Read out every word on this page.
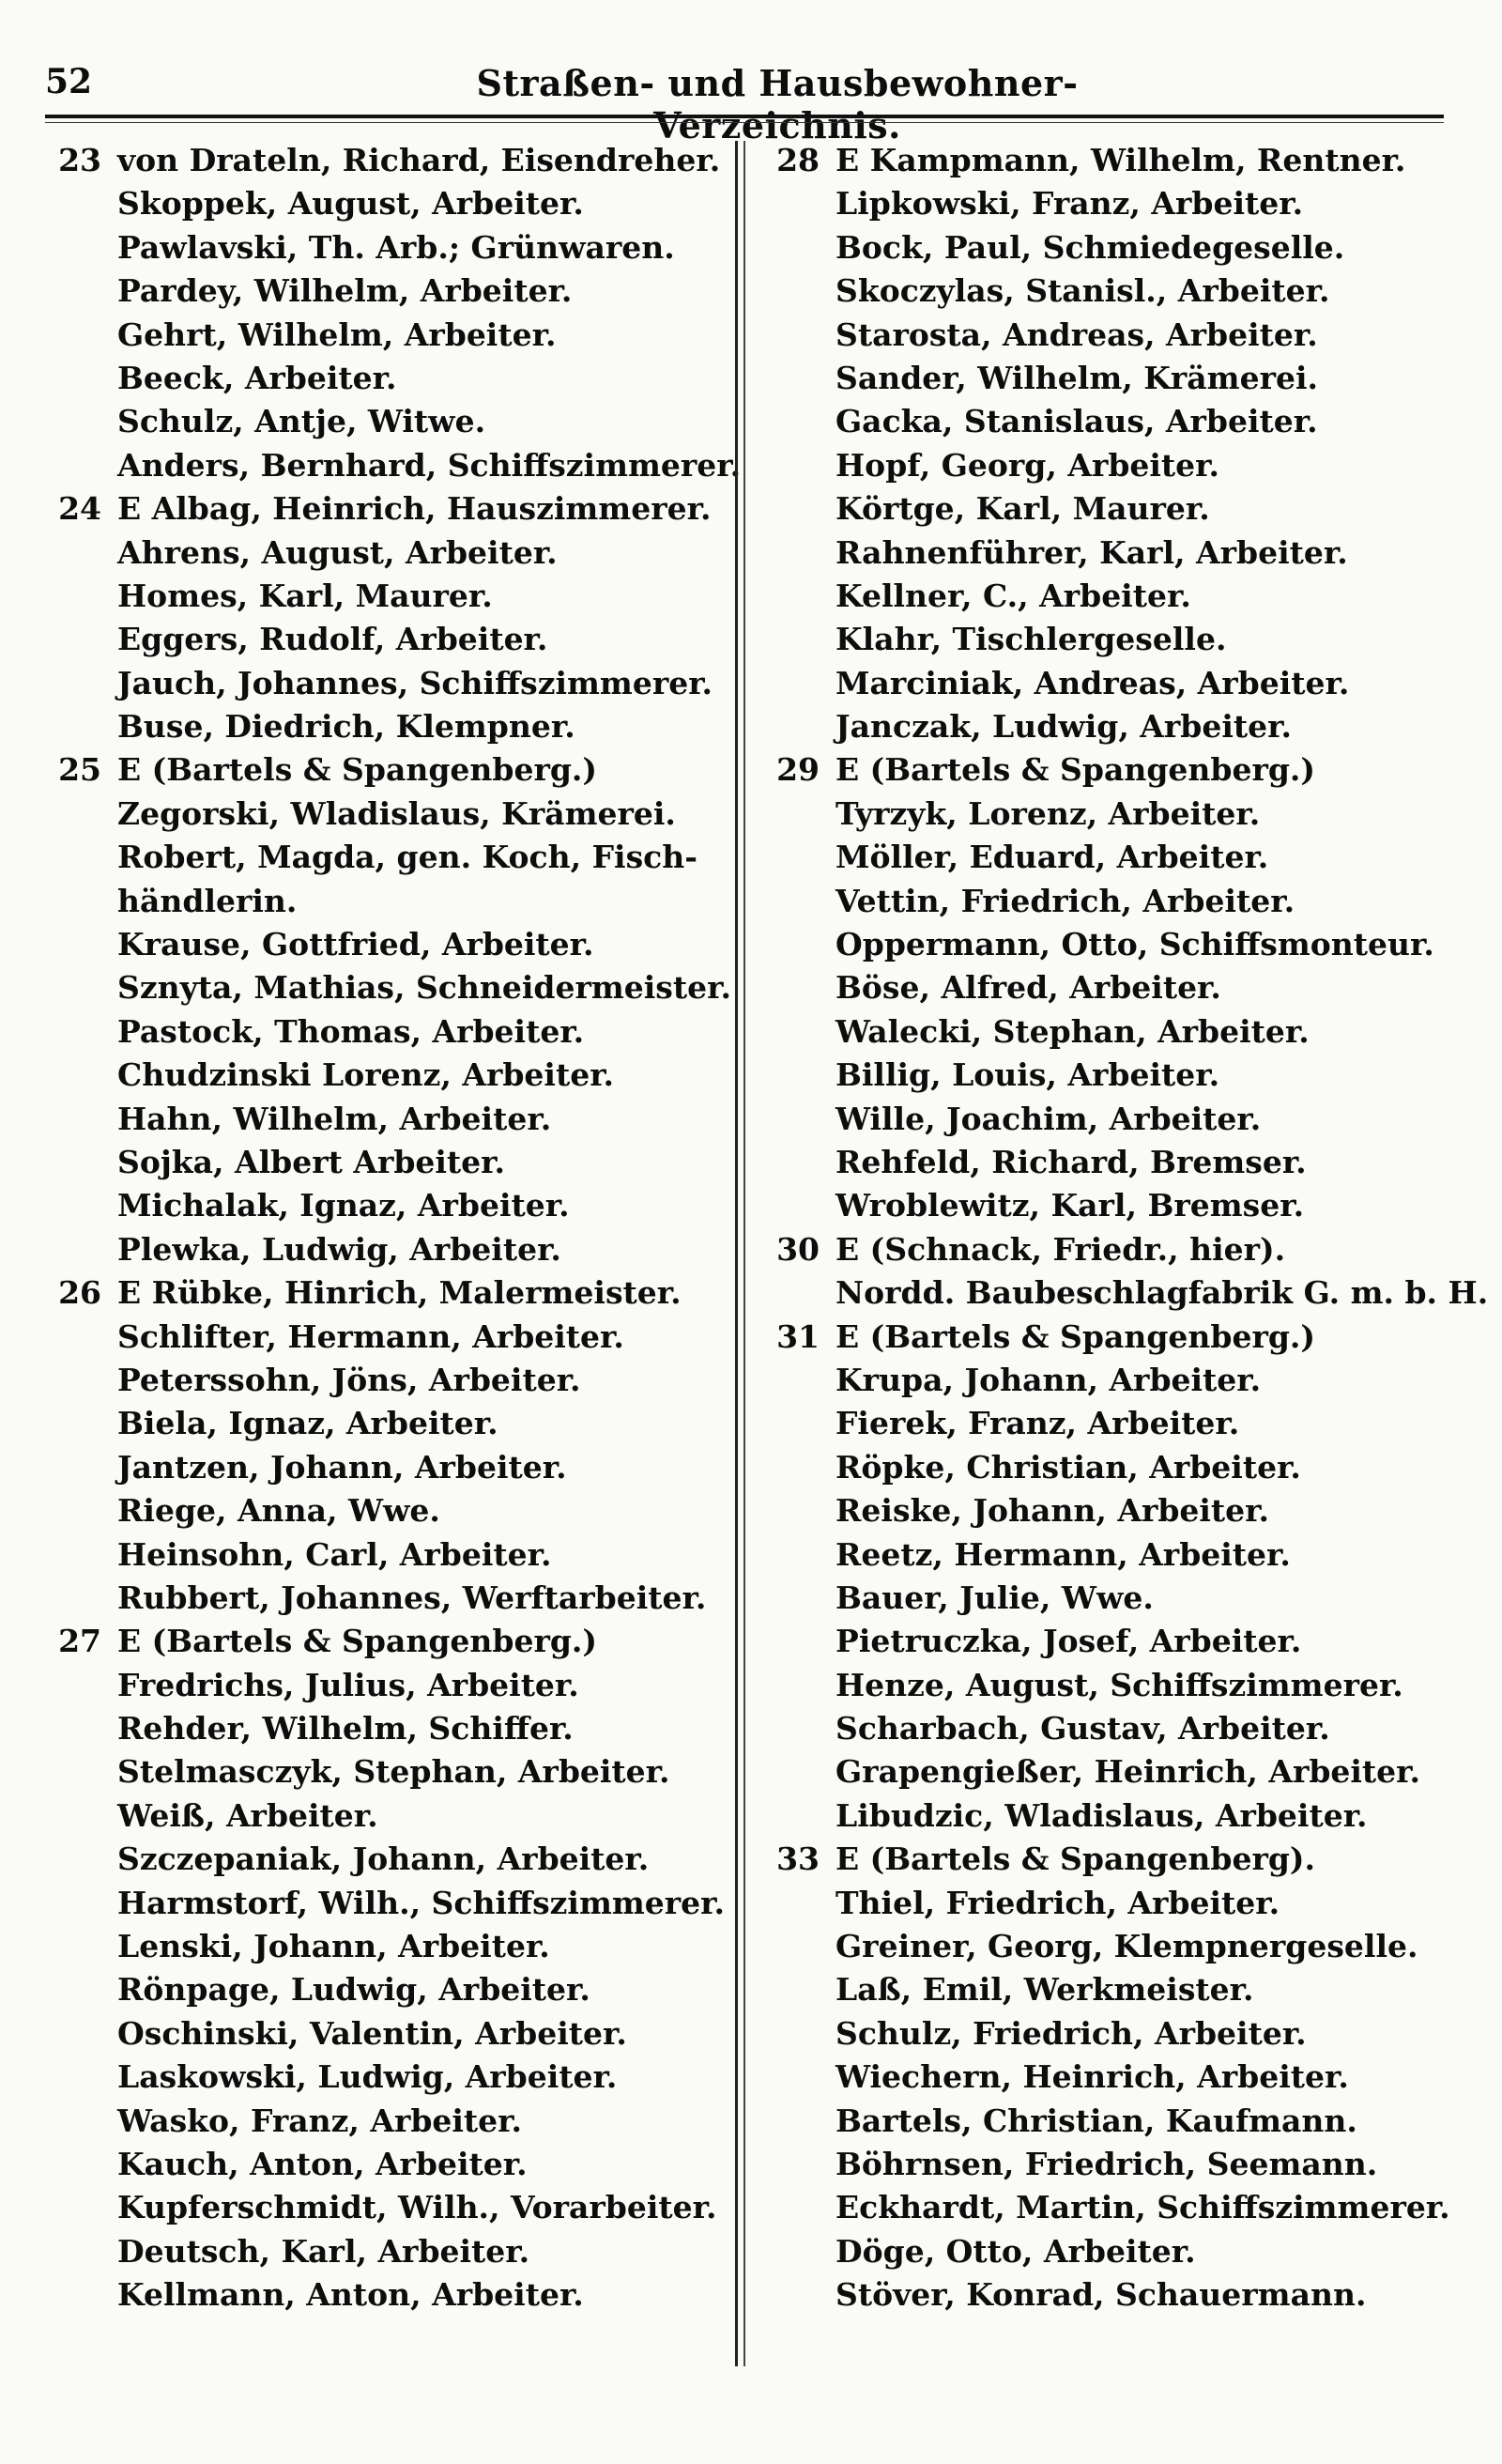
52	Straßen- und Hausbewohner-Verzeichnis.
23 von Drateln, Richard, Eisendreher.
Skoppek, August, Arbeiter.
Pawlavski, Th. Arb.; Grünwaren.
Pardey, Wilhelm, Arbeiter.
Gehrt, Wilhelm, Arbeiter.
Beeck, Arbeiter.
Schulz, Antje, Witwe.
Anders, Bernhard, Schiffszimmerer.
24 E Albag, Heinrich, Hauszimmerer.
Ahrens, August, Arbeiter.
Homes, Karl, Maurer.
Eggers, Rudolf, Arbeiter.
Jauch, Johannes, Schiffszimmerer.
Buse, Diedrich, Klempner.
25 E (Bartels & Spangenberg.)
Zegorski, Wladislaus, Krämerei.
Robert, Magda, gen. Koch, Fisch-
händlerin.
Krause, Gottfried, Arbeiter.
Sznyta, Mathias, Schneidermeister.
Pastock, Thomas, Arbeiter.
Chudzinski Lorenz, Arbeiter.
Hahn, Wilhelm, Arbeiter.
Sojka, Albert Arbeiter.
Michalak, Ignaz, Arbeiter.
Plewka, Ludwig, Arbeiter.
26 E Rübke, Hinrich, Malermeister.
Schlifter, Hermann, Arbeiter.
Peterssohn, Jöns, Arbeiter.
Biela, Ignaz, Arbeiter.
Jantzen, Johann, Arbeiter.
Riege, Anna, Wwe.
Heinsohn, Carl, Arbeiter.
Rubbert, Johannes, Werftarbeiter.
27 E (Bartels & Spangenberg.)
Fredrichs, Julius, Arbeiter.
Rehder, Wilhelm, Schiffer.
Stelmasczyk, Stephan, Arbeiter.
Weiß, Arbeiter.
Szczepaniak, Johann, Arbeiter.
Harmstorf, Wilh., Schiffszimmerer.
Lenski, Johann, Arbeiter.
Rönpage, Ludwig, Arbeiter.
Oschinski, Valentin, Arbeiter.
Laskowski, Ludwig, Arbeiter.
Wasko, Franz, Arbeiter.
Kauch, Anton, Arbeiter.
Kupferschmidt, Wilh., Vorarbeiter.
Deutsch, Karl, Arbeiter.
Kellmann, Anton, Arbeiter.
28 E Kampmann, Wilhelm, Rentner.
Lipkowski, Franz, Arbeiter.
Bock, Paul, Schmiedegeselle.
Skoczylas, Stanisl., Arbeiter.
Starosta, Andreas, Arbeiter.
Sander, Wilhelm, Krämerei.
Gacka, Stanislaus, Arbeiter.
Hopf, Georg, Arbeiter.
Körtge, Karl, Maurer.
Rahnenführer, Karl, Arbeiter.
Kellner, C., Arbeiter.
Klahr, Tischlergeselle.
Marciniak, Andreas, Arbeiter.
Janczak, Ludwig, Arbeiter.
29 E (Bartels & Spangenberg.)
Tyrzyk, Lorenz, Arbeiter.
Möller, Eduard, Arbeiter.
Vettin, Friedrich, Arbeiter.
Oppermann, Otto, Schiffsmonteur.
Böse, Alfred, Arbeiter.
Walecki, Stephan, Arbeiter.
Billig, Louis, Arbeiter.
Wille, Joachim, Arbeiter.
Rehfeld, Richard, Bremser.
Wroblewitz, Karl, Bremser.
30 E (Schnack, Friedr., hier).
Nordd. Baubeschlagfabrik G. m. b. H.
31 E (Bartels & Spangenberg.)
Krupa, Johann, Arbeiter.
Fierek, Franz, Arbeiter.
Röpke, Christian, Arbeiter.
Reiske, Johann, Arbeiter.
Reetz, Hermann, Arbeiter.
Bauer, Julie, Wwe.
Pietruczka, Josef, Arbeiter.
Henze, August, Schiffszimmerer.
Scharbach, Gustav, Arbeiter.
Grapengießer, Heinrich, Arbeiter.
Libudzic, Wladislaus, Arbeiter.
33 E (Bartels & Spangenberg).
Thiel, Friedrich, Arbeiter.
Greiner, Georg, Klempnergeselle.
Laß, Emil, Werkmeister.
Schulz, Friedrich, Arbeiter.
Wiechern, Heinrich, Arbeiter.
Bartels, Christian, Kaufmann.
Böhrnsen, Friedrich, Seemann.
Eckhardt, Martin, Schiffszimmerer.
Döge, Otto, Arbeiter.
Stöver, Konrad, Schauermann.
